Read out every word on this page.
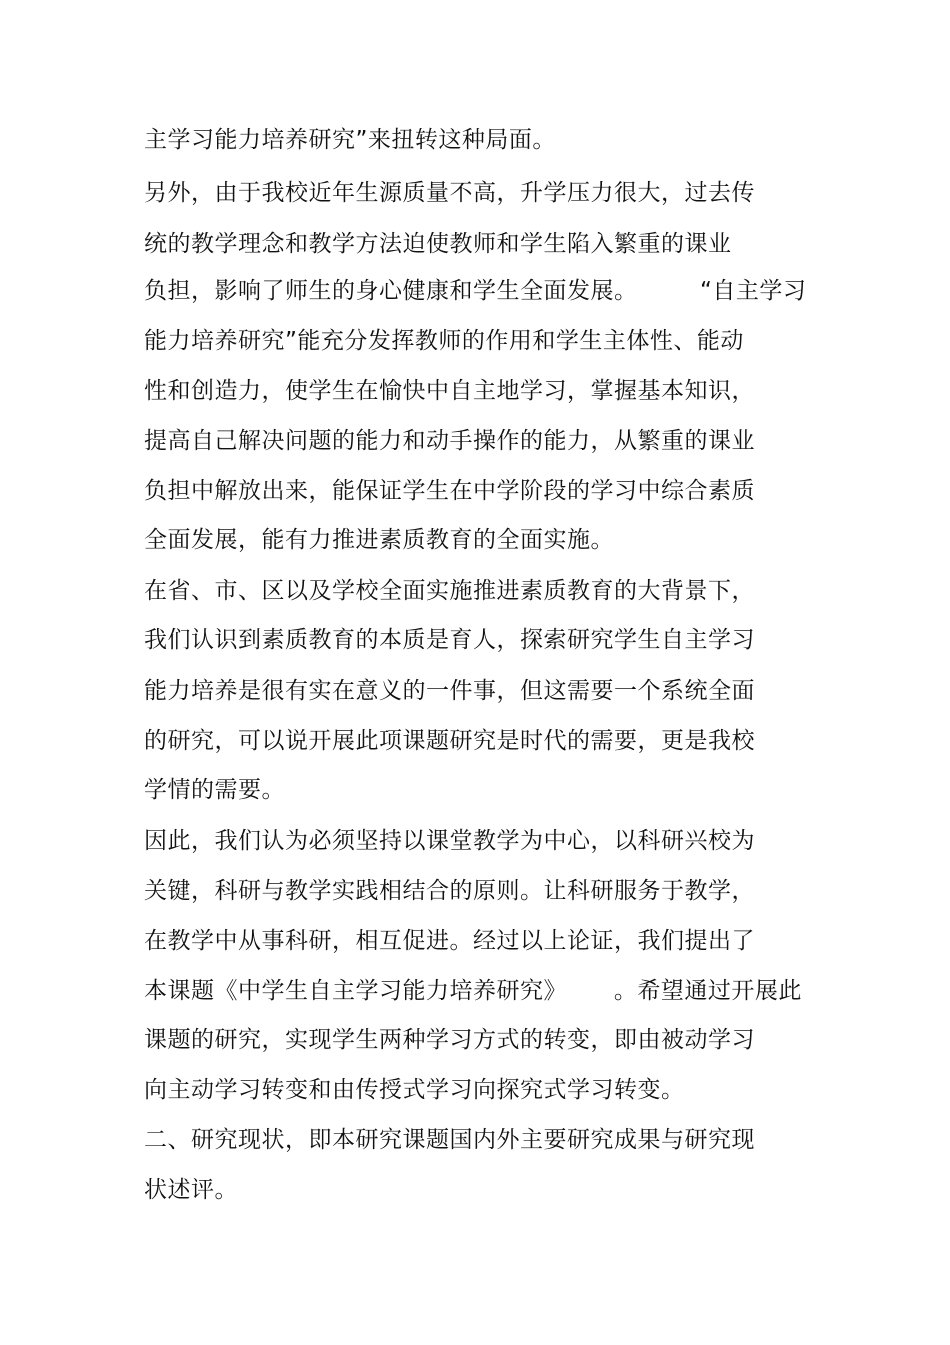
主学习能力培养研究”来扭转这种局面。
另外，由于我校近年生源质量不高，升学压力很大，过去传
统的教学理念和教学方法迫使教师和学生陷入繁重的课业
负担，影响了师生的身心健康和学生全面发展。        “自主学习
能力培养研究”能充分发挥教师的作用和学生主体性、能动
性和创造力，使学生在愉快中自主地学习，掌握基本知识，
提高自己解决问题的能力和动手操作的能力，从繁重的课业
负担中解放出来，能保证学生在中学阶段的学习中综合素质
全面发展，能有力推进素质教育的全面实施。
在省、市、区以及学校全面实施推进素质教育的大背景下，
我们认识到素质教育的本质是育人，探索研究学生自主学习
能力培养是很有实在意义的一件事，但这需要一个系统全面
的研究，可以说开展此项课题研究是时代的需要，更是我校
学情的需要。
因此，我们认为必须坚持以课堂教学为中心，以科研兴校为
关键，科研与教学实践相结合的原则。让科研服务于教学，
在教学中从事科研，相互促进。经过以上论证，我们提出了
本课题《中学生自主学习能力培养研究》      。希望通过开展此
课题的研究，实现学生两种学习方式的转变，即由被动学习
向主动学习转变和由传授式学习向探究式学习转变。
二、研究现状，即本研究课题国内外主要研究成果与研究现
状述评。
